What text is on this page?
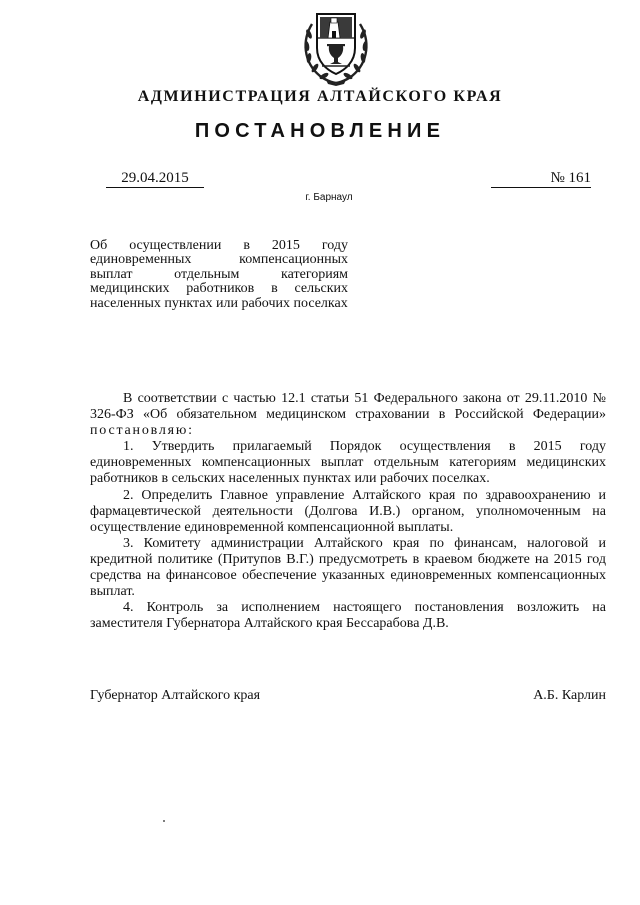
АДМИНИСТРАЦИЯ АЛТАЙСКОГО КРАЯ
ПОСТАНОВЛЕНИЕ
29.04.2015	№ 161
г. Барнаул
Об осуществлении в 2015 году единовременных компенсационных выплат отдельным категориям медицинских работников в сельских населенных пунктах или рабочих поселках

В соответствии с частью 12.1 статьи 51 Федерального закона от 29.11.2010 № 326-ФЗ «Об обязательном медицинском страховании в Российской Федерации» постановляю:

1. Утвердить прилагаемый Порядок осуществления в 2015 году единовременных компенсационных выплат отдельным категориям медицинских работников в сельских населенных пунктах или рабочих поселках.

2. Определить Главное управление Алтайского края по здравоохранению и фармацевтической деятельности (Долгова И.В.) органом, уполномоченным на осуществление единовременной компенсационной выплаты.

3. Комитету администрации Алтайского края по финансам, налоговой и кредитной политике (Притупов В.Г.) предусмотреть в краевом бюджете на 2015 год средства на финансовое обеспечение указанных единовременных компенсационных выплат.

4. Контроль за исполнением настоящего постановления возложить на заместителя Губернатора Алтайского края Бессарабова Д.В.

Губернатор Алтайского края	А.Б. Карлин
